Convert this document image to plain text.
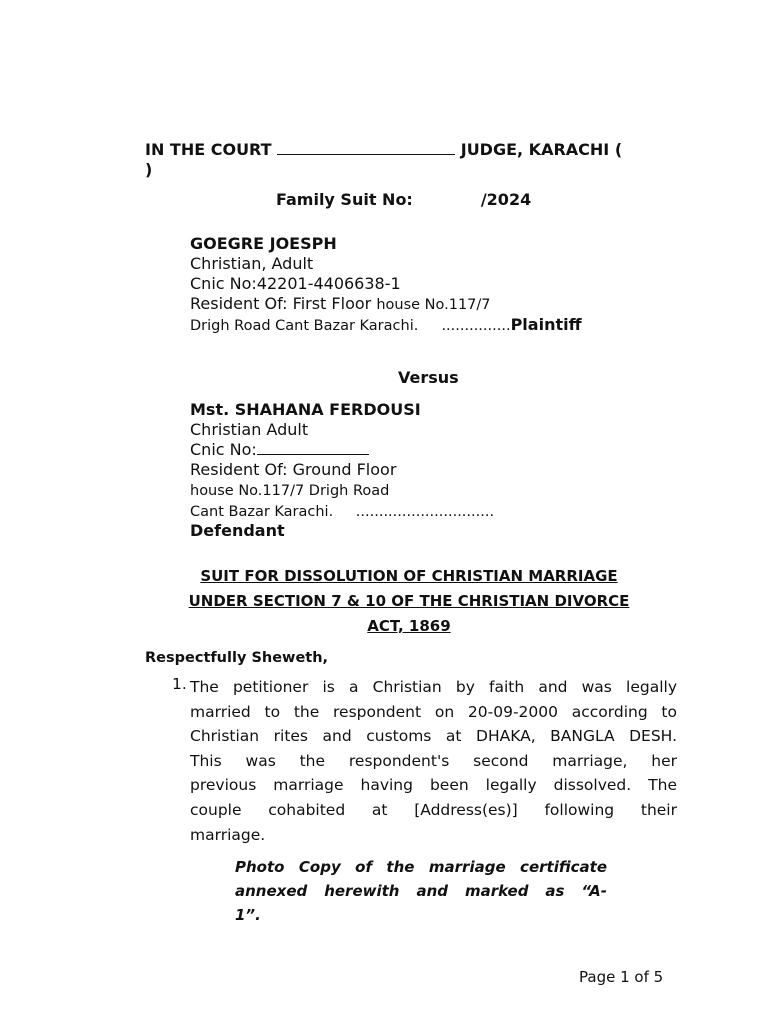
IN THE COURT	JUDGE, KARACHI (
)
Family Suit No:	/2024
GOEGRE JOESPH
Christian, Adult
Cnic No:42201-4406638-1
Resident Of: First Floor house No.117/7
Drigh Road Cant Bazar Karachi. ...............Plaintiff
Versus
Mst. SHAHANA FERDOUSI
Christian Adult
Cnic No:
Resident Of: Ground Floor
house No.117/7 Drigh Road
Cant Bazar Karachi. ..............................
Defendant
SUIT FOR DISSOLUTION OF CHRISTIAN MARRIAGE
UNDER SECTION 7 & 10 OF THE CHRISTIAN DIVORCE
ACT, 1869
Respectfully Sheweth,
1. The petitioner is a Christian by faith and was legally
married to the respondent on 20-09-2000 according to
Christian rites and customs at DHAKA, BANGLA DESH.
This was the respondent's second marriage, her
previous marriage having been legally dissolved. The
couple cohabited at [Address(es)] following their
marriage.
Photo Copy of the marriage certificate
annexed herewith and marked as “A-
1”.
Page 1 of 5
